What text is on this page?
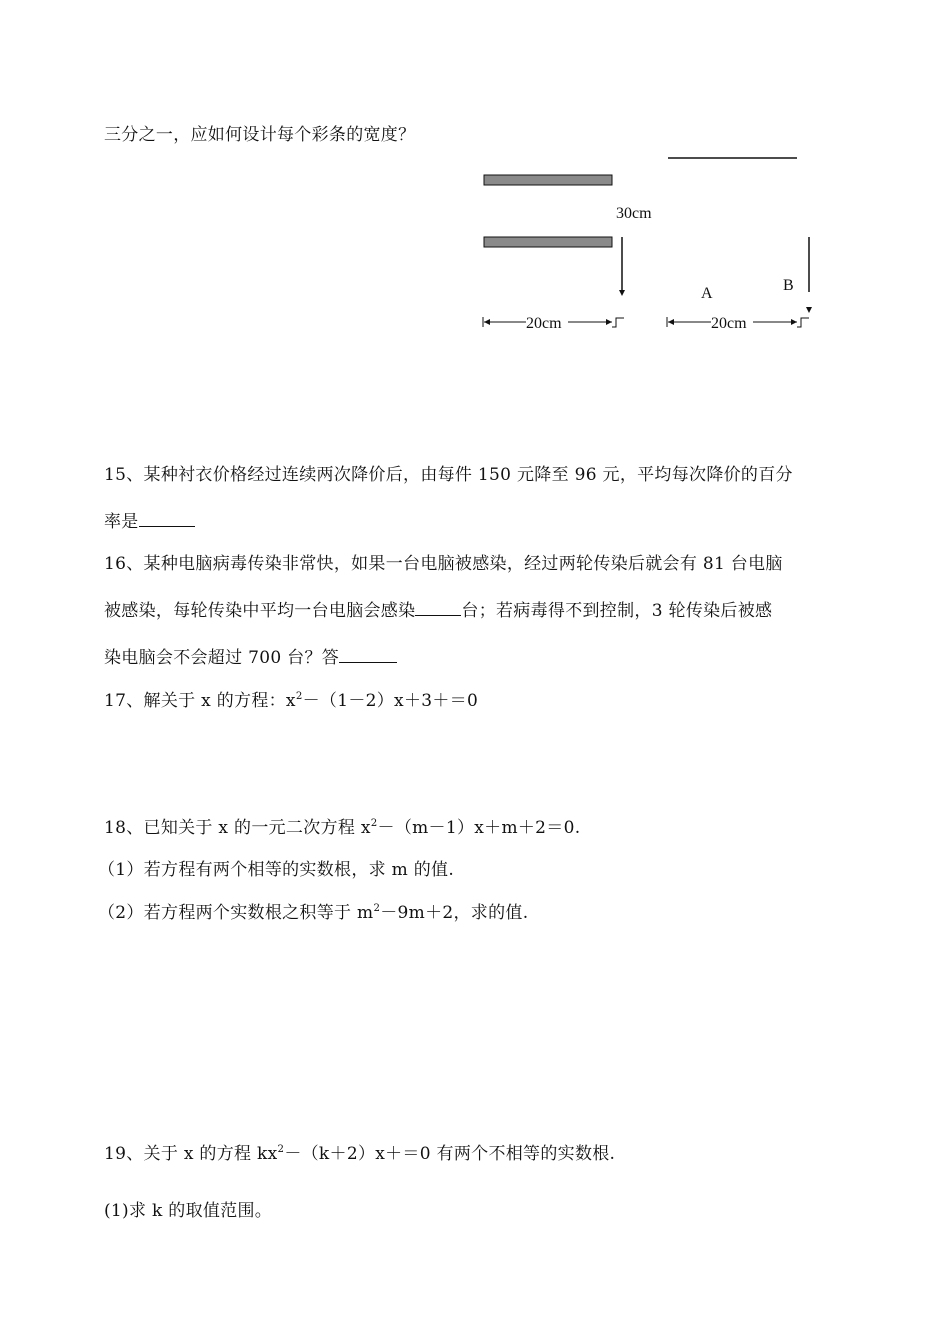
三分之一，应如何设计每个彩条的宽度？
15、某种衬衣价格经过连续两次降价后，由每件 150 元降至 96 元，平均每次降价的百分
率是
16、某种电脑病毒传染非常快，如果一台电脑被感染，经过两轮传染后就会有 81 台电脑
被感染，每轮传染中平均一台电脑会感染	台；若病毒得不到控制，3 轮传染后被感
染电脑会不会超过 700 台？答
17、解关于 x 的方程：$x^2-(1-2)x+3+=0$
18、已知关于 x 的一元二次方程 $x^2-(m-1)x+m+2=0$.
（1）若方程有两个相等的实数根，求 m 的值.
（2）若方程两个实数根之积等于 $m^2-9m+2$，求的值.
19、关于 x 的方程 $kx^2-(k+2)x+=0$ 有两个不相等的实数根.
(1)求 k 的取值范围。
30cm
20cm
A	B
20cm
